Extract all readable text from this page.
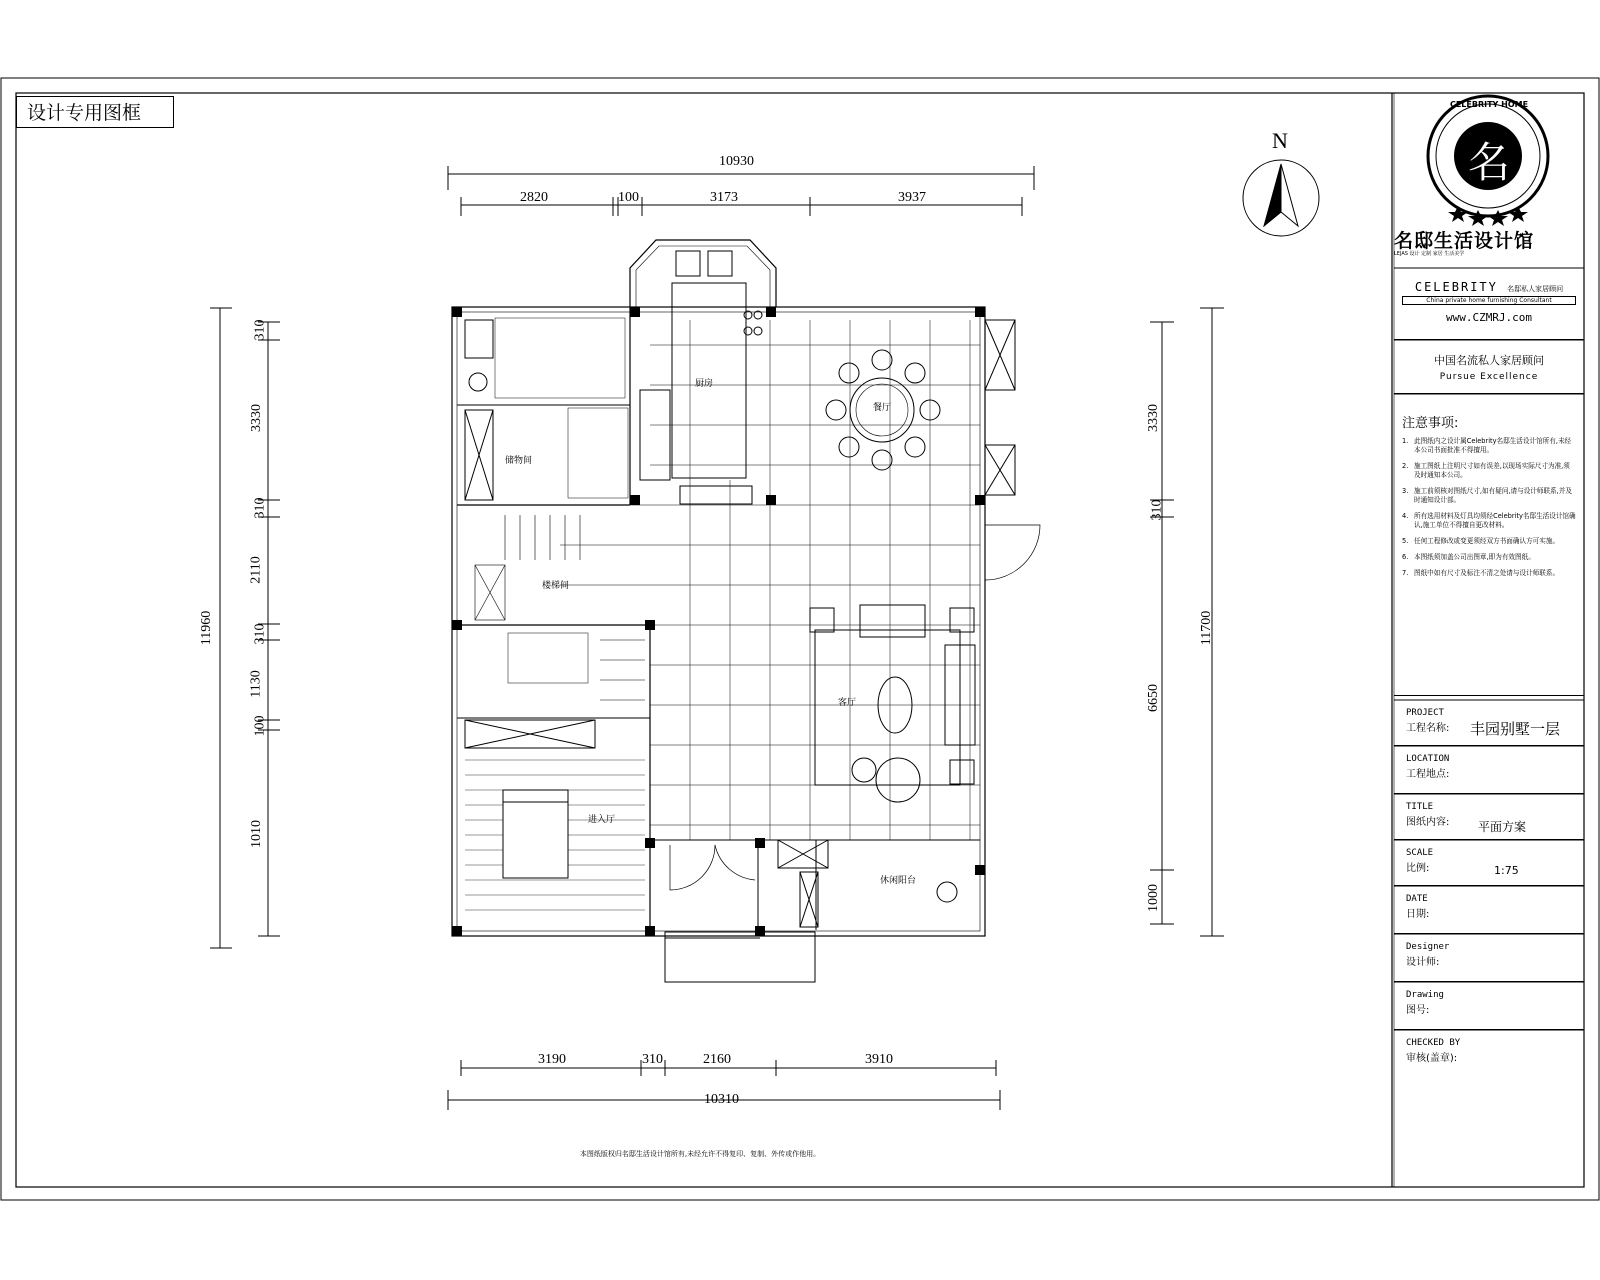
设计专用图框
N	名
CELEBRITY HOME
名邸生活设计馆
LEJAS 设计 定制 家居 生活美学
CELEBRITY 名邸私人家居顾问
China private home furnishing Consultant
www.CZMRJ.com
中国名流私人家居顾问
Pursue Excellence
注意事项:
1. 此图纸内之设计属Celebrity名邸生活设计馆所有,未经本公司书面批准不得擅用。
2. 施工图纸上注明尺寸如有误差,以现场实际尺寸为准,须及时通知本公司。
3. 施工前须核对图纸尺寸,如有疑问,请与设计师联系,并及时通知设计部。
4. 所有选用材料及灯具均须经Celebrity名邸生活设计馆确认,施工单位不得擅自更改材料。
5. 任何工程修改或变更须经双方书面确认方可实施。
6. 本图纸须加盖公司出图章,即为有效图纸。
7. 图纸中如有尺寸及标注不清之处请与设计师联系。
PROJECT
工程名称:	丰园别墅一层
LOCATION
工程地点:
TITLE
图纸内容:	平面方案
SCALE
比例:	1:75
DATE
日期:
Designer
设计师:
Drawing
图号:
CHECKED BY
审核(盖章):
10930
2820	100	3173	3937
3190	310	2160	3910
10310
11960
310
3330
310
2110
310
1130
100
1010
3330
310
6650
1000
11700
厨房
餐厅
储物间
楼梯间
客厅
进入厅
休闲阳台
本图纸版权归名邸生活设计馆所有,未经允许不得复印、复制、外传或作他用。
